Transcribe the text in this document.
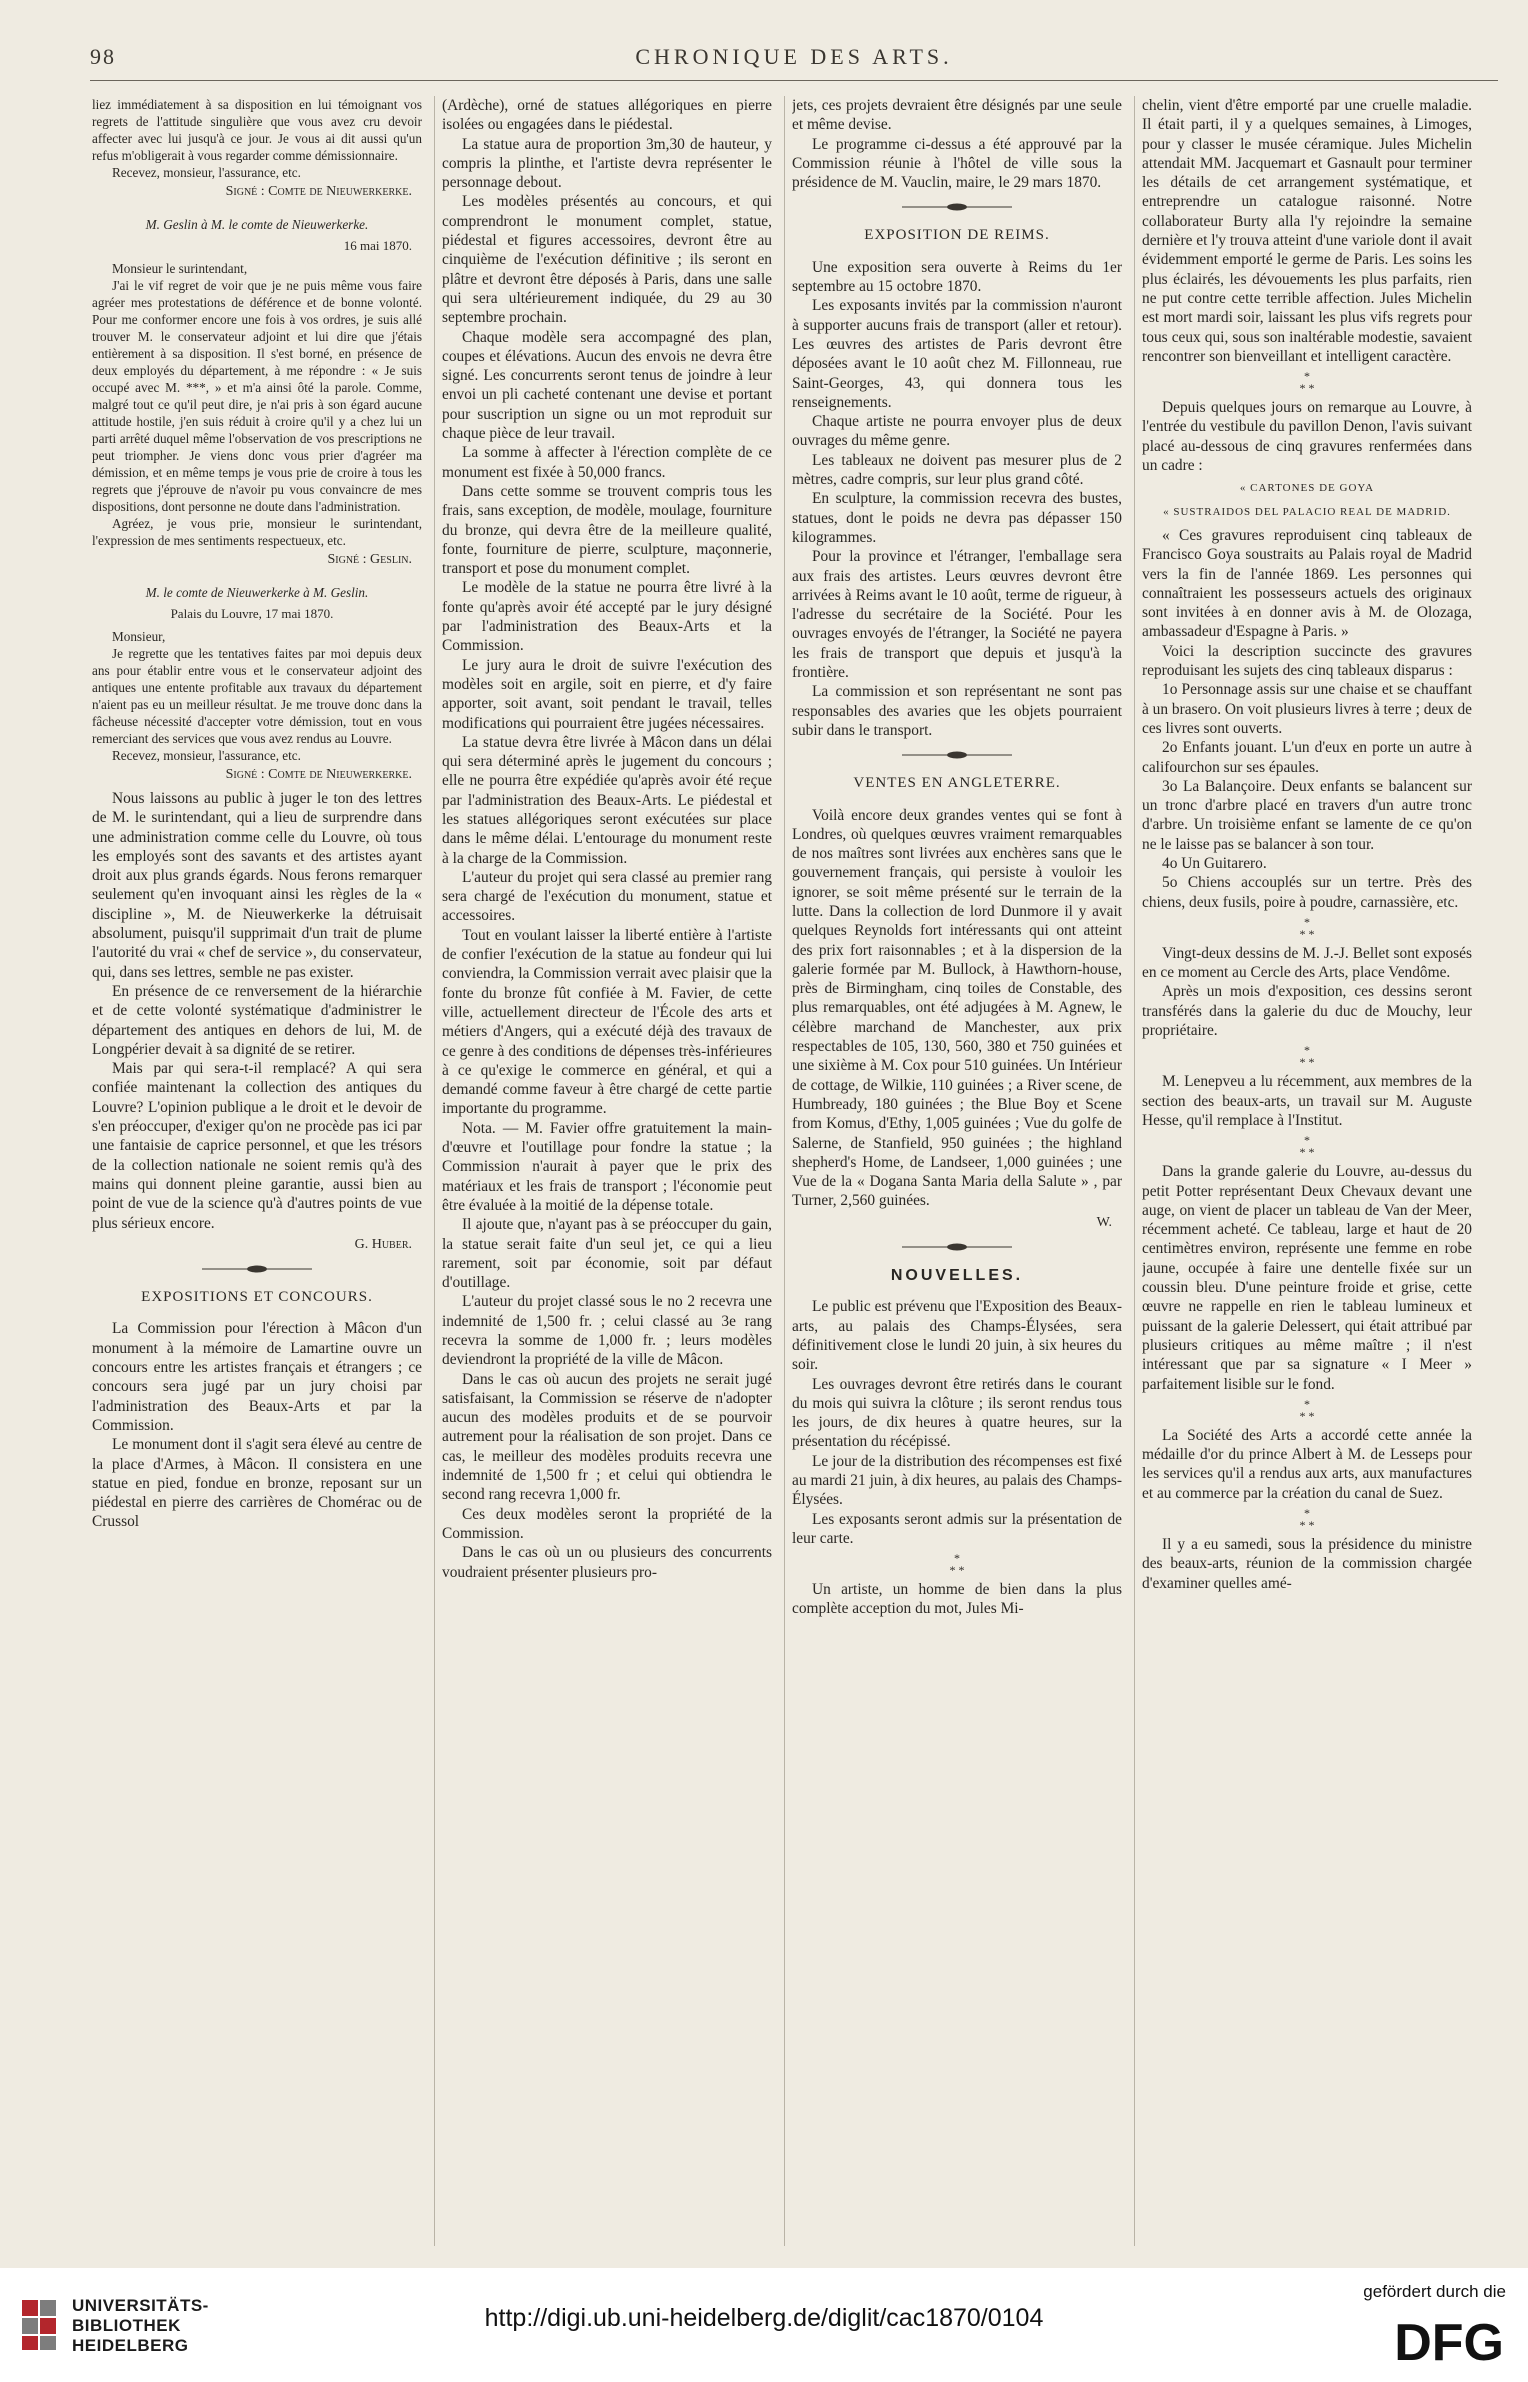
98	CHRONIQUE DES ARTS.

liez immédiatement à sa disposition en lui témoignant vos regrets de l'attitude singulière que vous avez cru devoir affecter avec lui jusqu'à ce jour. Je vous ai dit aussi qu'un refus m'obligerait à vous regarder comme démissionnaire.

Recevez, monsieur, l'assurance, etc.

Signé : Comte de Nieuwerkerke.
M. Geslin à M. le comte de Nieuwerkerke.
16 mai 1870.

Monsieur le surintendant,

J'ai le vif regret de voir que je ne puis même vous faire agréer mes protestations de déférence et de bonne volonté. Pour me conformer encore une fois à vos ordres, je suis allé trouver M. le conservateur adjoint et lui dire que j'étais entièrement à sa disposition. Il s'est borné, en présence de deux employés du département, à me répondre : « Je suis occupé avec M. ***, » et m'a ainsi ôté la parole. Comme, malgré tout ce qu'il peut dire, je n'ai pris à son égard aucune attitude hostile, j'en suis réduit à croire qu'il y a chez lui un parti arrêté duquel même l'observation de vos prescriptions ne peut triompher. Je viens donc vous prier d'agréer ma démission, et en même temps je vous prie de croire à tous les regrets que j'éprouve de n'avoir pu vous convaincre de mes dispositions, dont personne ne doute dans l'administration.

Agréez, je vous prie, monsieur le surintendant, l'expression de mes sentiments respectueux, etc.

Signé : Geslin.
M. le comte de Nieuwerkerke à M. Geslin.
Palais du Louvre, 17 mai 1870.

Monsieur,

Je regrette que les tentatives faites par moi depuis deux ans pour établir entre vous et le conservateur adjoint des antiques une entente profitable aux travaux du département n'aient pas eu un meilleur résultat. Je me trouve donc dans la fâcheuse nécessité d'accepter votre démission, tout en vous remerciant des services que vous avez rendus au Louvre.

Recevez, monsieur, l'assurance, etc.

Signé : Comte de Nieuwerkerke.

Nous laissons au public à juger le ton des lettres de M. le surintendant, qui a lieu de surprendre dans une administration comme celle du Louvre, où tous les employés sont des savants et des artistes ayant droit aux plus grands égards. Nous ferons remarquer seulement qu'en invoquant ainsi les règles de la « discipline », M. de Nieuwerkerke la détruisait absolument, puisqu'il supprimait d'un trait de plume l'autorité du vrai « chef de service », du conservateur, qui, dans ses lettres, semble ne pas exister.

En présence de ce renversement de la hiérarchie et de cette volonté systématique d'administrer le département des antiques en dehors de lui, M. de Longpérier devait à sa dignité de se retirer.

Mais par qui sera-t-il remplacé? A qui sera confiée maintenant la collection des antiques du Louvre? L'opinion publique a le droit et le devoir de s'en préoccuper, d'exiger qu'on ne procède pas ici par une fantaisie de caprice personnel, et que les trésors de la collection nationale ne soient remis qu'à des mains qui donnent pleine garantie, aussi bien au point de vue de la science qu'à d'autres points de vue plus sérieux encore.

G. Huber.
EXPOSITIONS ET CONCOURS.

La Commission pour l'érection à Mâcon d'un monument à la mémoire de Lamartine ouvre un concours entre les artistes français et étrangers ; ce concours sera jugé par un jury choisi par l'administration des Beaux-Arts et par la Commission.

Le monument dont il s'agit sera élevé au centre de la place d'Armes, à Mâcon. Il consistera en une statue en pied, fondue en bronze, reposant sur un piédestal en pierre des carrières de Chomérac ou de Crussol

(Ardèche), orné de statues allégoriques en pierre isolées ou engagées dans le piédestal.

La statue aura de proportion 3m,30 de hauteur, y compris la plinthe, et l'artiste devra représenter le personnage debout.

Les modèles présentés au concours, et qui comprendront le monument complet, statue, piédestal et figures accessoires, devront être au cinquième de l'exécution définitive ; ils seront en plâtre et devront être déposés à Paris, dans une salle qui sera ultérieurement indiquée, du 29 au 30 septembre prochain.

Chaque modèle sera accompagné des plan, coupes et élévations. Aucun des envois ne devra être signé. Les concurrents seront tenus de joindre à leur envoi un pli cacheté contenant une devise et portant pour suscription un signe ou un mot reproduit sur chaque pièce de leur travail.

La somme à affecter à l'érection complète de ce monument est fixée à 50,000 francs.

Dans cette somme se trouvent compris tous les frais, sans exception, de modèle, moulage, fourniture du bronze, qui devra être de la meilleure qualité, fonte, fourniture de pierre, sculpture, maçonnerie, transport et pose du monument complet.

Le modèle de la statue ne pourra être livré à la fonte qu'après avoir été accepté par le jury désigné par l'administration des Beaux-Arts et la Commission.

Le jury aura le droit de suivre l'exécution des modèles soit en argile, soit en pierre, et d'y faire apporter, soit avant, soit pendant le travail, telles modifications qui pourraient être jugées nécessaires.

La statue devra être livrée à Mâcon dans un délai qui sera déterminé après le jugement du concours ; elle ne pourra être expédiée qu'après avoir été reçue par l'administration des Beaux-Arts. Le piédestal et les statues allégoriques seront exécutées sur place dans le même délai. L'entourage du monument reste à la charge de la Commission.

L'auteur du projet qui sera classé au premier rang sera chargé de l'exécution du monument, statue et accessoires.

Tout en voulant laisser la liberté entière à l'artiste de confier l'exécution de la statue au fondeur qui lui conviendra, la Commission verrait avec plaisir que la fonte du bronze fût confiée à M. Favier, de cette ville, actuellement directeur de l'École des arts et métiers d'Angers, qui a exécuté déjà des travaux de ce genre à des conditions de dépenses très-inférieures à ce qu'exige le commerce en général, et qui a demandé comme faveur à être chargé de cette partie importante du programme.

Nota. — M. Favier offre gratuitement la main-d'œuvre et l'outillage pour fondre la statue ; la Commission n'aurait à payer que le prix des matériaux et les frais de transport ; l'économie peut être évaluée à la moitié de la dépense totale.

Il ajoute que, n'ayant pas à se préoccuper du gain, la statue serait faite d'un seul jet, ce qui a lieu rarement, soit par économie, soit par défaut d'outillage.

L'auteur du projet classé sous le no 2 recevra une indemnité de 1,500 fr. ; celui classé au 3e rang recevra la somme de 1,000 fr. ; leurs modèles deviendront la propriété de la ville de Mâcon.

Dans le cas où aucun des projets ne serait jugé satisfaisant, la Commission se réserve de n'adopter aucun des modèles produits et de se pourvoir autrement pour la réalisation de son projet. Dans ce cas, le meilleur des modèles produits recevra une indemnité de 1,500 fr ; et celui qui obtiendra le second rang recevra 1,000 fr.

Ces deux modèles seront la propriété de la Commission.

Dans le cas où un ou plusieurs des concurrents voudraient présenter plusieurs pro-

jets, ces projets devraient être désignés par une seule et même devise.

Le programme ci-dessus a été approuvé par la Commission réunie à l'hôtel de ville sous la présidence de M. Vauclin, maire, le 29 mars 1870.

EXPOSITION DE REIMS.

Une exposition sera ouverte à Reims du 1er septembre au 15 octobre 1870.

Les exposants invités par la commission n'auront à supporter aucuns frais de transport (aller et retour). Les œuvres des artistes de Paris devront être déposées avant le 10 août chez M. Fillonneau, rue Saint-Georges, 43, qui donnera tous les renseignements.

Chaque artiste ne pourra envoyer plus de deux ouvrages du même genre.

Les tableaux ne doivent pas mesurer plus de 2 mètres, cadre compris, sur leur plus grand côté.

En sculpture, la commission recevra des bustes, statues, dont le poids ne devra pas dépasser 150 kilogrammes.

Pour la province et l'étranger, l'emballage sera aux frais des artistes. Leurs œuvres devront être arrivées à Reims avant le 10 août, terme de rigueur, à l'adresse du secrétaire de la Société. Pour les ouvrages envoyés de l'étranger, la Société ne payera les frais de transport que depuis et jusqu'à la frontière.

La commission et son représentant ne sont pas responsables des avaries que les objets pourraient subir dans le transport.

VENTES EN ANGLETERRE.

Voilà encore deux grandes ventes qui se font à Londres, où quelques œuvres vraiment remarquables de nos maîtres sont livrées aux enchères sans que le gouvernement français, qui persiste à vouloir les ignorer, se soit même présenté sur le terrain de la lutte. Dans la collection de lord Dunmore il y avait quelques Reynolds fort intéressants qui ont atteint des prix fort raisonnables ; et à la dispersion de la galerie formée par M. Bullock, à Hawthorn-house, près de Birmingham, cinq toiles de Constable, des plus remarquables, ont été adjugées à M. Agnew, le célèbre marchand de Manchester, aux prix respectables de 105, 130, 560, 380 et 750 guinées et une sixième à M. Cox pour 510 guinées. Un Intérieur de cottage, de Wilkie, 110 guinées ; a River scene, de Humbready, 180 guinées ; the Blue Boy et Scene from Komus, d'Ethy, 1,005 guinées ; Vue du golfe de Salerne, de Stanfield, 950 guinées ; the highland shepherd's Home, de Landseer, 1,000 guinées ; une Vue de la « Dogana Santa Maria della Salute » , par Turner, 2,560 guinées.

W.
NOUVELLES.

Le public est prévenu que l'Exposition des Beaux-arts, au palais des Champs-Élysées, sera définitivement close le lundi 20 juin, à six heures du soir.

Les ouvrages devront être retirés dans le courant du mois qui suivra la clôture ; ils seront rendus tous les jours, de dix heures à quatre heures, sur la présentation du récépissé.

Le jour de la distribution des récompenses est fixé au mardi 21 juin, à dix heures, au palais des Champs-Élysées.

Les exposants seront admis sur la présentation de leur carte.

*
* *

Un artiste, un homme de bien dans la plus complète acception du mot, Jules Mi-

chelin, vient d'être emporté par une cruelle maladie. Il était parti, il y a quelques semaines, à Limoges, pour y classer le musée céramique. Jules Michelin attendait MM. Jacquemart et Gasnault pour terminer les détails de cet arrangement systématique, et entreprendre un catalogue raisonné. Notre collaborateur Burty alla l'y rejoindre la semaine dernière et l'y trouva atteint d'une variole dont il avait évidemment emporté le germe de Paris. Les soins les plus éclairés, les dévouements les plus parfaits, rien ne put contre cette terrible affection. Jules Michelin est mort mardi soir, laissant les plus vifs regrets pour tous ceux qui, sous son inaltérable modestie, savaient rencontrer son bienveillant et intelligent caractère.

*
* *

Depuis quelques jours on remarque au Louvre, à l'entrée du vestibule du pavillon Denon, l'avis suivant placé au-dessous de cinq gravures renfermées dans un cadre :

« CARTONES DE GOYA
« SUSTRAIDOS DEL PALACIO REAL DE MADRID.

« Ces gravures reproduisent cinq tableaux de Francisco Goya soustraits au Palais royal de Madrid vers la fin de l'année 1869. Les personnes qui connaîtraient les possesseurs actuels des originaux sont invitées à en donner avis à M. de Olozaga, ambassadeur d'Espagne à Paris. »

Voici la description succincte des gravures reproduisant les sujets des cinq tableaux disparus :

1o Personnage assis sur une chaise et se chauffant à un brasero. On voit plusieurs livres à terre ; deux de ces livres sont ouverts.

2o Enfants jouant. L'un d'eux en porte un autre à califourchon sur ses épaules.

3o La Balançoire. Deux enfants se balancent sur un tronc d'arbre placé en travers d'un autre tronc d'arbre. Un troisième enfant se lamente de ce qu'on ne le laisse pas se balancer à son tour.

4o Un Guitarero.

5o Chiens accouplés sur un tertre. Près des chiens, deux fusils, poire à poudre, carnassière, etc.

*
* *

Vingt-deux dessins de M. J.-J. Bellet sont exposés en ce moment au Cercle des Arts, place Vendôme.

Après un mois d'exposition, ces dessins seront transférés dans la galerie du duc de Mouchy, leur propriétaire.

*
* *

M. Lenepveu a lu récemment, aux membres de la section des beaux-arts, un travail sur M. Auguste Hesse, qu'il remplace à l'Institut.

*
* *

Dans la grande galerie du Louvre, au-dessus du petit Potter représentant Deux Chevaux devant une auge, on vient de placer un tableau de Van der Meer, récemment acheté. Ce tableau, large et haut de 20 centimètres environ, représente une femme en robe jaune, occupée à faire une dentelle fixée sur un coussin bleu. D'une peinture froide et grise, cette œuvre ne rappelle en rien le tableau lumineux et puissant de la galerie Delessert, qui était attribué par plusieurs critiques au même maître ; il n'est intéressant que par sa signature « I Meer » parfaitement lisible sur le fond.

*
* *

La Société des Arts a accordé cette année la médaille d'or du prince Albert à M. de Lesseps pour les services qu'il a rendus aux arts, aux manufactures et au commerce par la création du canal de Suez.

*
* *

Il y a eu samedi, sous la présidence du ministre des beaux-arts, réunion de la commission chargée d'examiner quelles amé-

UNIVERSITÄTS-
BIBLIOTHEK
HEIDELBERG
http://digi.ub.uni-heidelberg.de/diglit/cac1870/0104
gefördert durch die
DFG
